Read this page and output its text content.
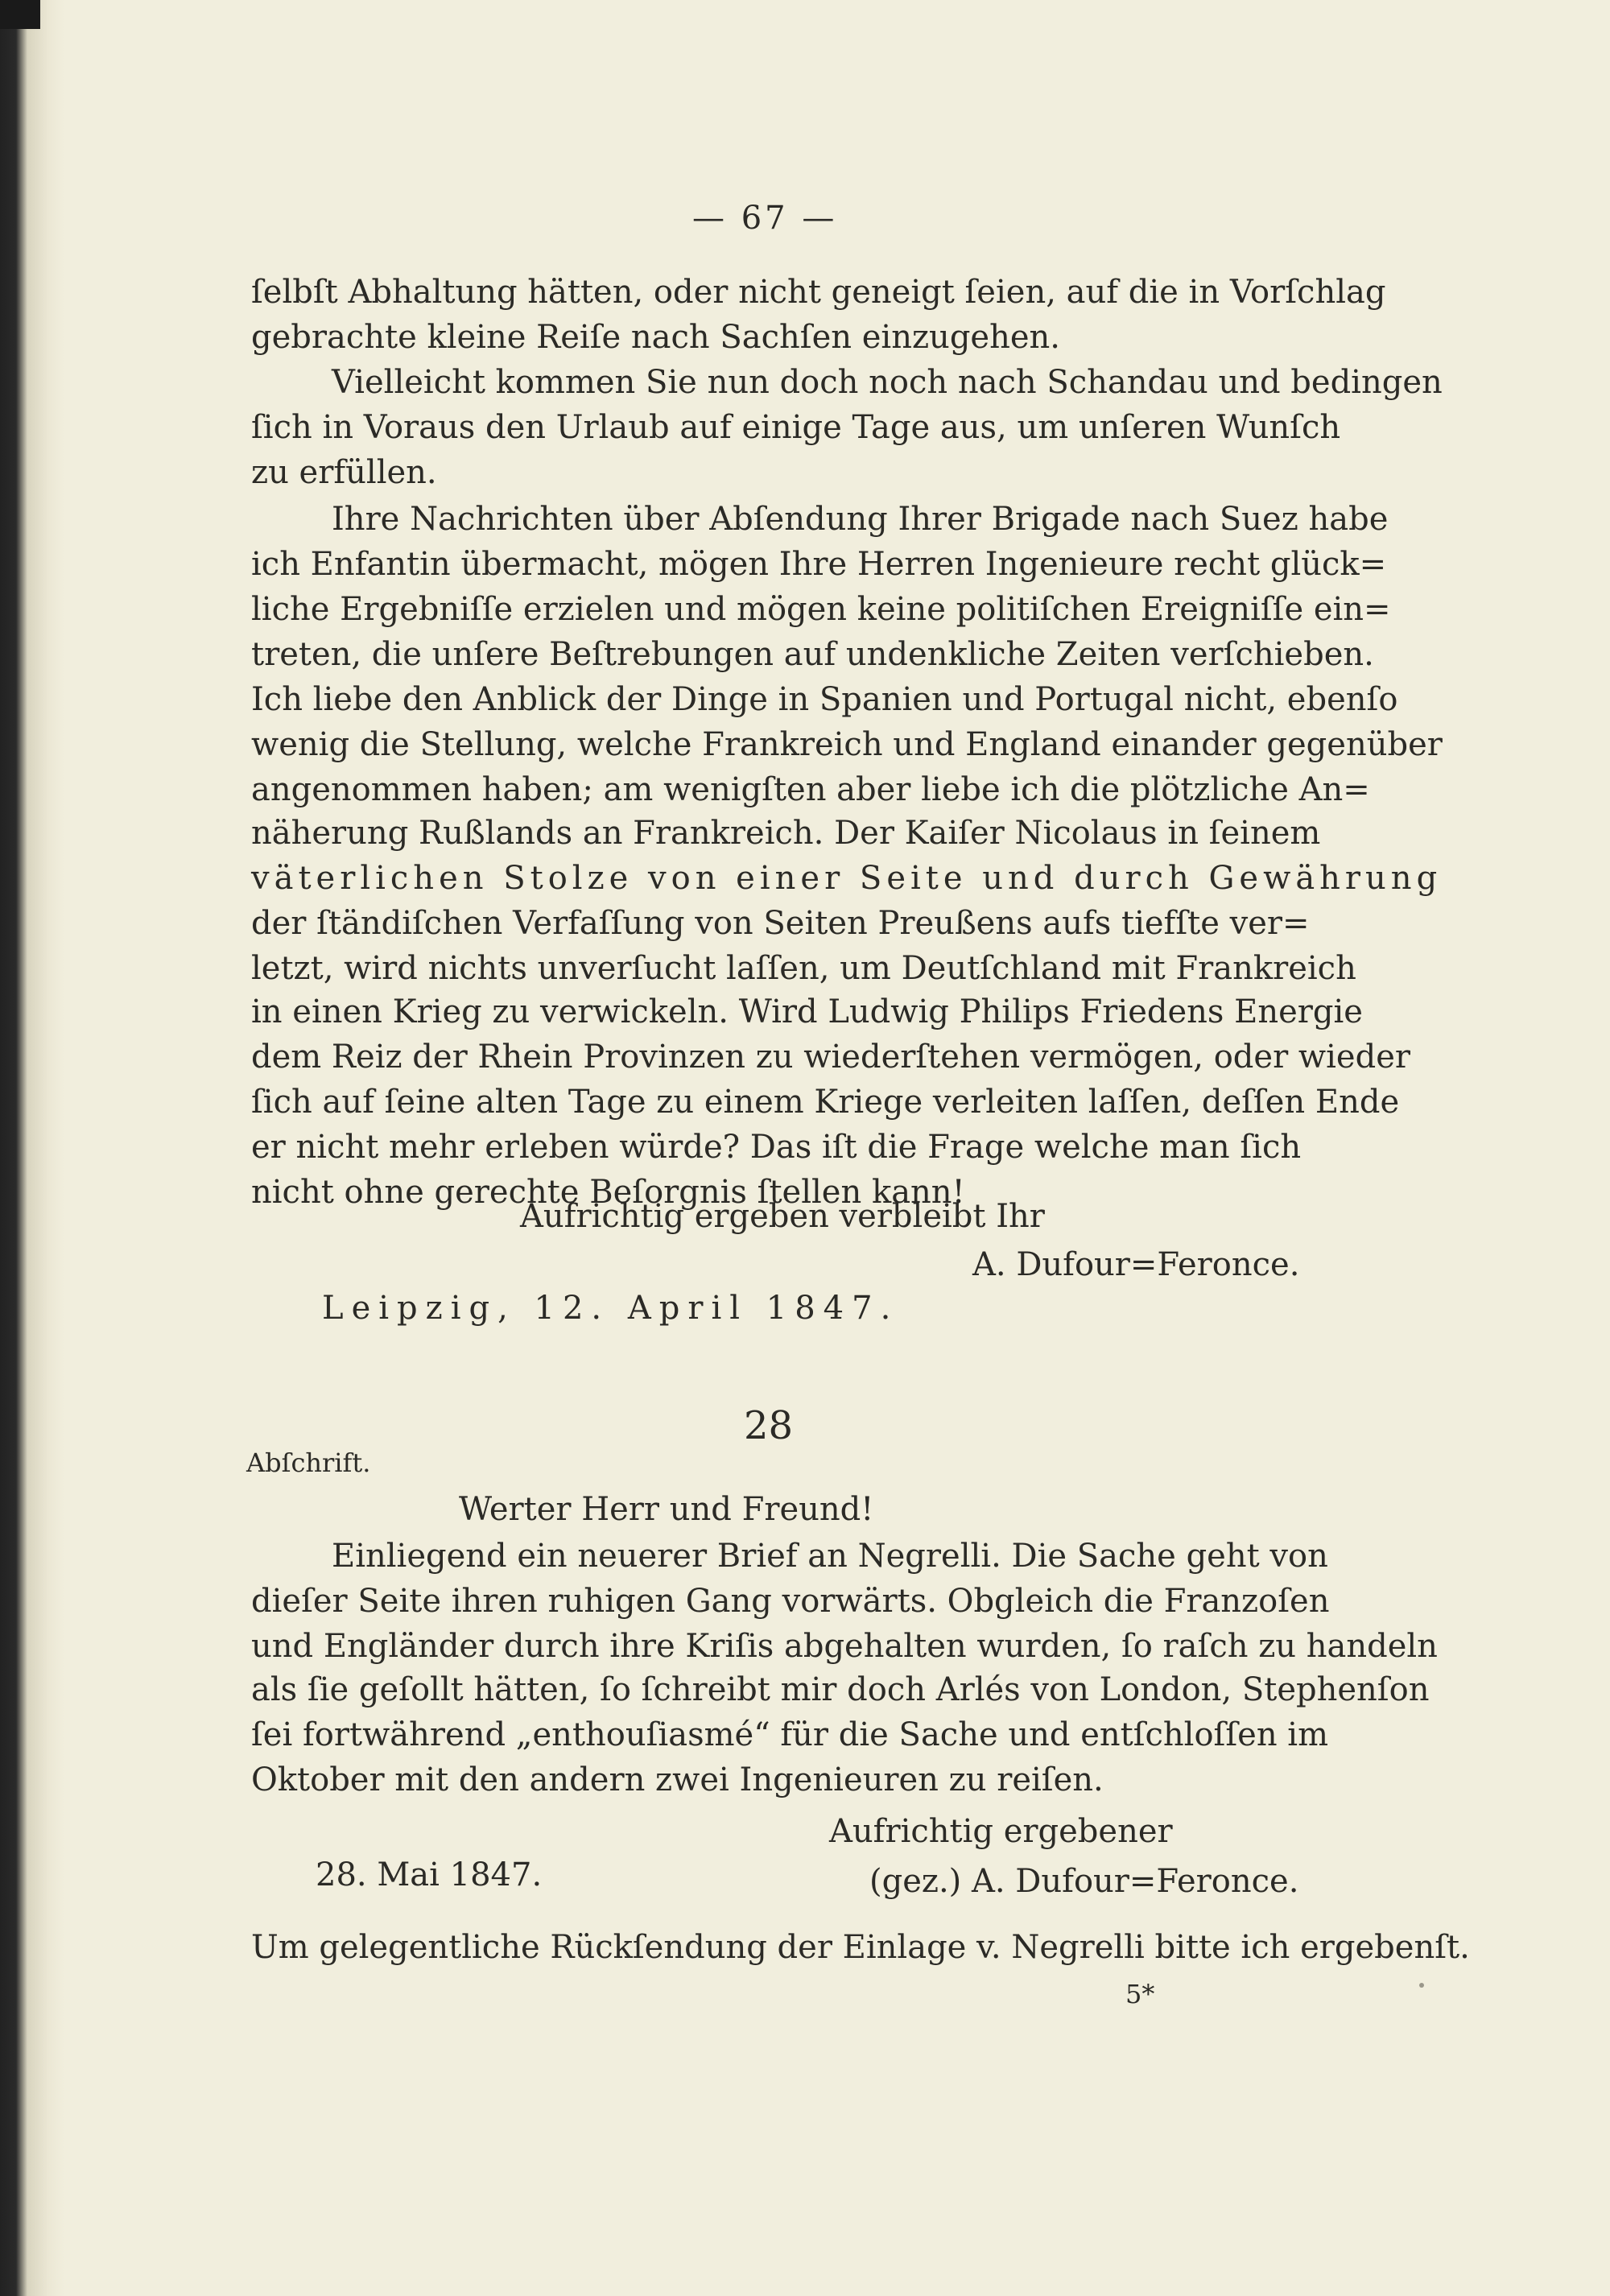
— 67 —
ſelbſt Abhaltung hätten, oder nicht geneigt ſeien, auf die in Vorſchlag
gebrachte kleine Reiſe nach Sachſen einzugehen.
Vielleicht kommen Sie nun doch noch nach Schandau und bedingen
ſich in Voraus den Urlaub auf einige Tage aus, um unſeren Wunſch
zu erfüllen.
Ihre Nachrichten über Abſendung Ihrer Brigade nach Suez habe
ich Enfantin übermacht, mögen Ihre Herren Ingenieure recht glück=
liche Ergebniſſe erzielen und mögen keine politiſchen Ereigniſſe ein=
treten, die unſere Beſtrebungen auf undenkliche Zeiten verſchieben.
Ich liebe den Anblick der Dinge in Spanien und Portugal nicht, ebenſo
wenig die Stellung, welche Frankreich und England einander gegenüber
angenommen haben; am wenigſten aber liebe ich die plötzliche An=
näherung Rußlands an Frankreich. Der Kaiſer Nicolaus in ſeinem
väterlichen Stolze von einer Seite und durch Gewährung
der ſtändiſchen Verfaſſung von Seiten Preußens aufs tiefſte ver=
letzt, wird nichts unverſucht laſſen, um Deutſchland mit Frankreich
in einen Krieg zu verwickeln. Wird Ludwig Philips Friedens Energie
dem Reiz der Rhein Provinzen zu wiederſtehen vermögen, oder wieder
ſich auf ſeine alten Tage zu einem Kriege verleiten laſſen, deſſen Ende
er nicht mehr erleben würde? Das iſt die Frage welche man ſich
nicht ohne gerechte Beſorgnis ſtellen kann!
Aufrichtig ergeben verbleibt Ihr
A. Dufour=Feronce.
Leipzig, 12. April 1847.
28
Abſchrift.
Werter Herr und Freund!
Einliegend ein neuerer Brief an Negrelli. Die Sache geht von
dieſer Seite ihren ruhigen Gang vorwärts. Obgleich die Franzoſen
und Engländer durch ihre Kriſis abgehalten wurden, ſo raſch zu handeln
als ſie geſollt hätten, ſo ſchreibt mir doch Arlés von London, Stephenſon
ſei fortwährend „enthouſiasmé“ für die Sache und entſchloſſen im
Oktober mit den andern zwei Ingenieuren zu reiſen.
Aufrichtig ergebener
28. Mai 1847.	(gez.) A. Dufour=Feronce.
Um gelegentliche Rückſendung der Einlage v. Negrelli bitte ich ergebenſt.
5*
